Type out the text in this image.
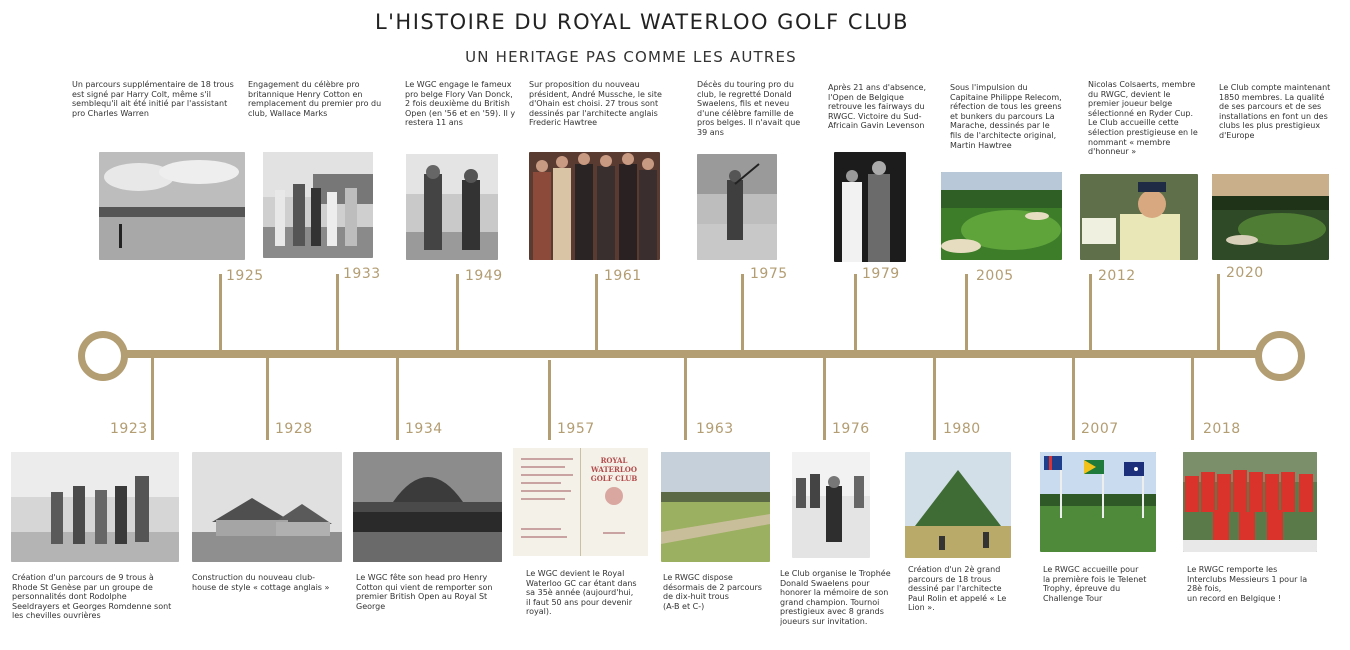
L'HISTOIRE DU ROYAL WATERLOO GOLF CLUB
UN HERITAGE PAS COMME LES AUTRES
Un parcours supplémentaire de 18 trous est signé par Harry Colt, même s'il semblequ'il ait été initié par l'assistant pro Charles Warren
1925
Engagement du célèbre pro britannique Henry Cotton en remplacement du premier pro du club, Wallace Marks
1933
Le WGC engage le fameux pro belge Flory Van Donck, 2 fois deuxième du British Open (en '56 et en '59). Il y restera 11 ans
1949
Sur proposition du nouveau président, André Mussche, le site d'Ohain est choisi. 27 trous sont dessinés par l'architecte anglais Frederic Hawtree
1961
Décès du touring pro du club, le regretté Donald Swaelens, fils et neveu d'une célèbre famille de pros belges. Il n'avait que 39 ans
1975
Après 21 ans d'absence, l'Open de Belgique retrouve les fairways du RWGC. Victoire du Sud-Africain Gavin Levenson
1979
Sous l'impulsion du Capitaine Philippe Relecom, réfection de tous les greens et bunkers du parcours La Marache, dessinés par le fils de l'architecte original, Martin Hawtree
2005
Nicolas Colsaerts, membre du RWGC, devient le premier joueur belge sélectionné en Ryder Cup. Le Club accueille cette sélection prestigieuse en le nommant « membre d'honneur »
2012
Le Club compte maintenant 1850 membres. La qualité de ses parcours et de ses installations en font un des clubs les plus prestigieux d'Europe
2020
1923
Création d'un parcours de 9 trous à Rhode St Genèse par un groupe de personnalités dont Rodolphe Seeldrayers et Georges Romdenne sont les chevilles ouvrières
1928
Construction du nouveau club-house de style « cottage anglais »
1934
Le WGC fête son head pro Henry Cotton qui vient de remporter son premier British Open au Royal St George
1957
ROYAL WATERLOO
GOLF CLUB
Le WGC devient le Royal Waterloo GC car étant dans sa 35è année (aujourd'hui, il faut 50 ans pour devenir royal).
1963
Le RWGC dispose désormais de 2 parcours de dix-huit trous
(A-B et C-)
1976
Le Club organise le Trophée Donald Swaelens pour honorer la mémoire de son grand champion. Tournoi prestigieux avec 8 grands joueurs sur invitation.
1980
Création d'un 2è grand parcours de 18 trous dessiné par l'architecte Paul Rolin et appelé « Le Lion ».
2007
Le RWGC accueille pour la première fois le Telenet Trophy, épreuve du Challenge Tour
2018
Le RWGC remporte les Interclubs Messieurs 1 pour la 28è fois,
un record en Belgique !
